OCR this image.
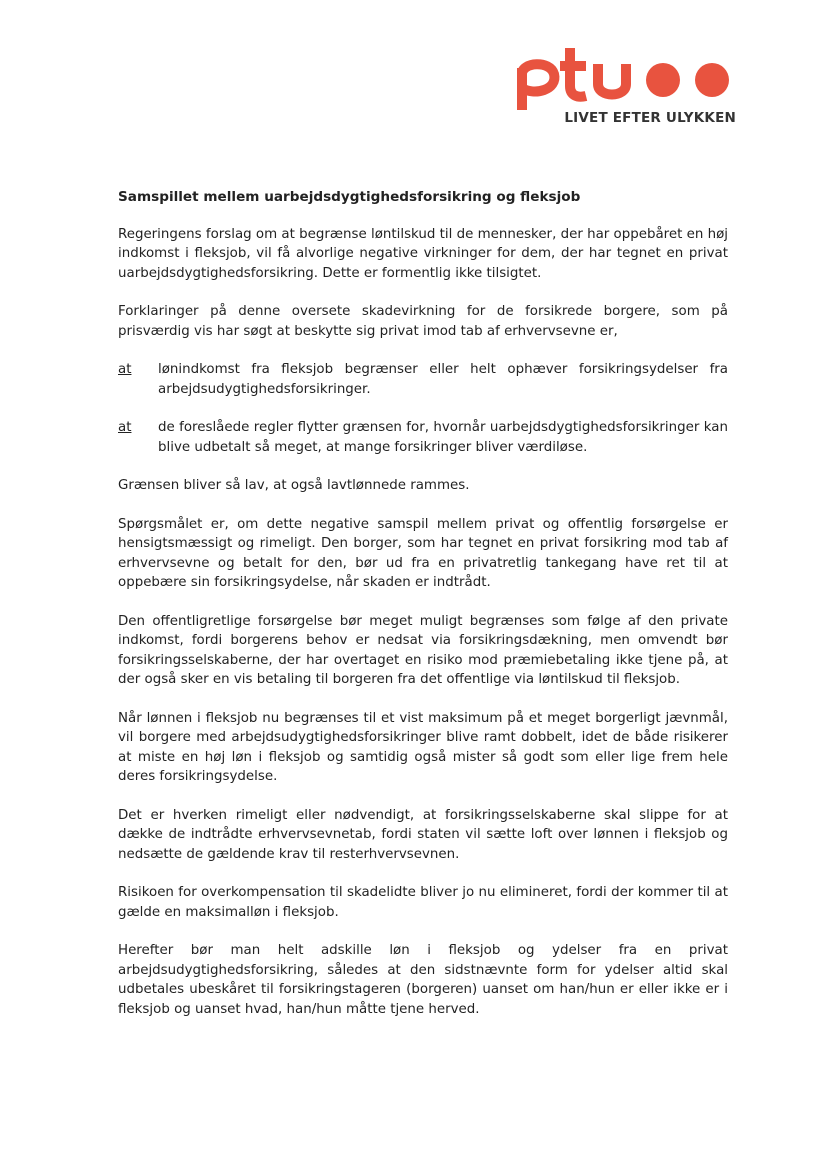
LIVET EFTER ULYKKEN
Samspillet mellem uarbejdsdygtighedsforsikring og fleksjob

Regeringens forslag om at begrænse løntilskud til de mennesker, der har oppebåret en høj indkomst i fleksjob, vil få alvorlige negative virkninger for dem, der har tegnet en privat uarbejdsdygtighedsforsikring. Dette er formentlig ikke tilsigtet.

Forklaringer på denne oversete skadevirkning for de forsikrede borgere, som på prisværdig vis har søgt at beskytte sig privat imod tab af erhvervsevne er,

at	lønindkomst fra fleksjob begrænser eller helt ophæver forsikringsydelser fra arbejdsudygtighedsforsikringer.
at	de foreslåede regler flytter grænsen for, hvornår uarbejdsdygtighedsforsikringer kan blive udbetalt så meget, at mange forsikringer bliver værdiløse.

Grænsen bliver så lav, at også lavtlønnede rammes.

Spørgsmålet er, om dette negative samspil mellem privat og offentlig forsørgelse er hensigtsmæssigt og rimeligt. Den borger, som har tegnet en privat forsikring mod tab af erhvervsevne og betalt for den, bør ud fra en privatretlig tankegang have ret til at oppebære sin forsikringsydelse, når skaden er indtrådt.

Den offentligretlige forsørgelse bør meget muligt begrænses som følge af den private indkomst, fordi borgerens behov er nedsat via forsikringsdækning, men omvendt bør forsikringsselskaberne, der har overtaget en risiko mod præmiebetaling ikke tjene på, at der også sker en vis betaling til borgeren fra det offentlige via løntilskud til fleksjob.

Når lønnen i fleksjob nu begrænses til et vist maksimum på et meget borgerligt jævnmål, vil borgere med arbejdsudygtighedsforsikringer blive ramt dobbelt, idet de både risikerer at miste en høj løn i fleksjob og samtidig også mister så godt som eller lige frem hele deres forsikringsydelse.

Det er hverken rimeligt eller nødvendigt, at forsikringsselskaberne skal slippe for at dække de indtrådte erhvervsevnetab, fordi staten vil sætte loft over lønnen i fleksjob og nedsætte de gældende krav til resterhvervsevnen.

Risikoen for overkompensation til skadelidte bliver jo nu elimineret, fordi der kommer til at gælde en maksimalløn i fleksjob.

Herefter bør man helt adskille løn i fleksjob og ydelser fra en privat arbejdsudygtighedsforsikring, således at den sidstnævnte form for ydelser altid skal udbetales ubeskåret til forsikringstageren (borgeren) uanset om han/hun er eller ikke er i fleksjob og uanset hvad, han/hun måtte tjene herved.
